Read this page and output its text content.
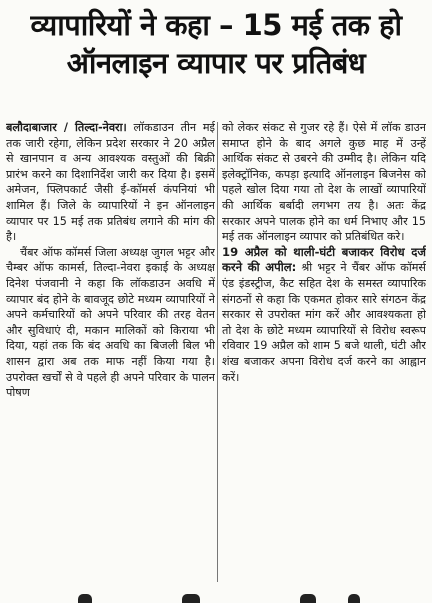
व्यापारियों ने कहा – 15 मई तक हो
ऑनलाइन व्यापार पर प्रतिबंध

बलौदाबाजार / तिल्दा-नेवरा। लॉकडाउन तीन मई तक जारी रहेगा, लेकिन प्रदेश सरकार ने 20 अप्रैल से खानपान व अन्य आवश्यक वस्तुओं की बिक्री प्रारंभ करने का दिशानिर्देश जारी कर दिया है। इसमें अमेजन, फ्लिपकार्ट जैसी ई-कॉमर्स कंपनियां भी शामिल हैं। जिले के व्यापारियों ने इन ऑनलाइन व्यापार पर 15 मई तक प्रतिबंध लगाने की मांग की है।

चैंबर ऑफ कॉमर्स जिला अध्यक्ष जुगल भट्टर और चैम्बर ऑफ कामर्स, तिल्दा-नेवरा इकाई के अध्यक्ष दिनेश पंजवानी ने कहा कि लॉकडाउन अवधि में व्यापार बंद होने के बावजूद छोटे मध्यम व्यापारियों ने अपने कर्मचारियों को अपने परिवार की तरह वेतन और सुविधाएं दी, मकान मालिकों को किराया भी दिया, यहां तक कि बंद अवधि का बिजली बिल भी शासन द्वारा अब तक माफ नहीं किया गया है। उपरोक्त खर्चों से वे पहले ही अपने परिवार के पालन पोषण

को लेकर संकट से गुजर रहे हैं। ऐसे में लॉक डाउन समाप्त होने के बाद अगले कुछ माह में उन्हें आर्थिक संकट से उबरने की उम्मीद है। लेकिन यदि इलेक्ट्रॉनिक, कपड़ा इत्यादि ऑनलाइन बिजनेस को पहले खोल दिया गया तो देश के लाखों व्यापारियों की आर्थिक बर्बादी लगभग तय है। अतः केंद्र सरकार अपने पालक होने का धर्म निभाए और 15 मई तक ऑनलाइन व्यापार को प्रतिबंधित करे।

19 अप्रैल को थाली-घंटी बजाकर विरोध दर्ज करने की अपील: श्री भट्टर ने चैंबर ऑफ कॉमर्स एंड इंडस्ट्रीज, कैट सहित देश के समस्त व्यापारिक संगठनों से कहा कि एकमत होकर सारे संगठन केंद्र सरकार से उपरोक्त मांग करें और आवश्यकता हो तो देश के छोटे मध्यम व्यापारियों से विरोध स्वरूप रविवार 19 अप्रैल को शाम 5 बजे थाली, घंटी और शंख बजाकर अपना विरोध दर्ज करने का आह्वान करें।
